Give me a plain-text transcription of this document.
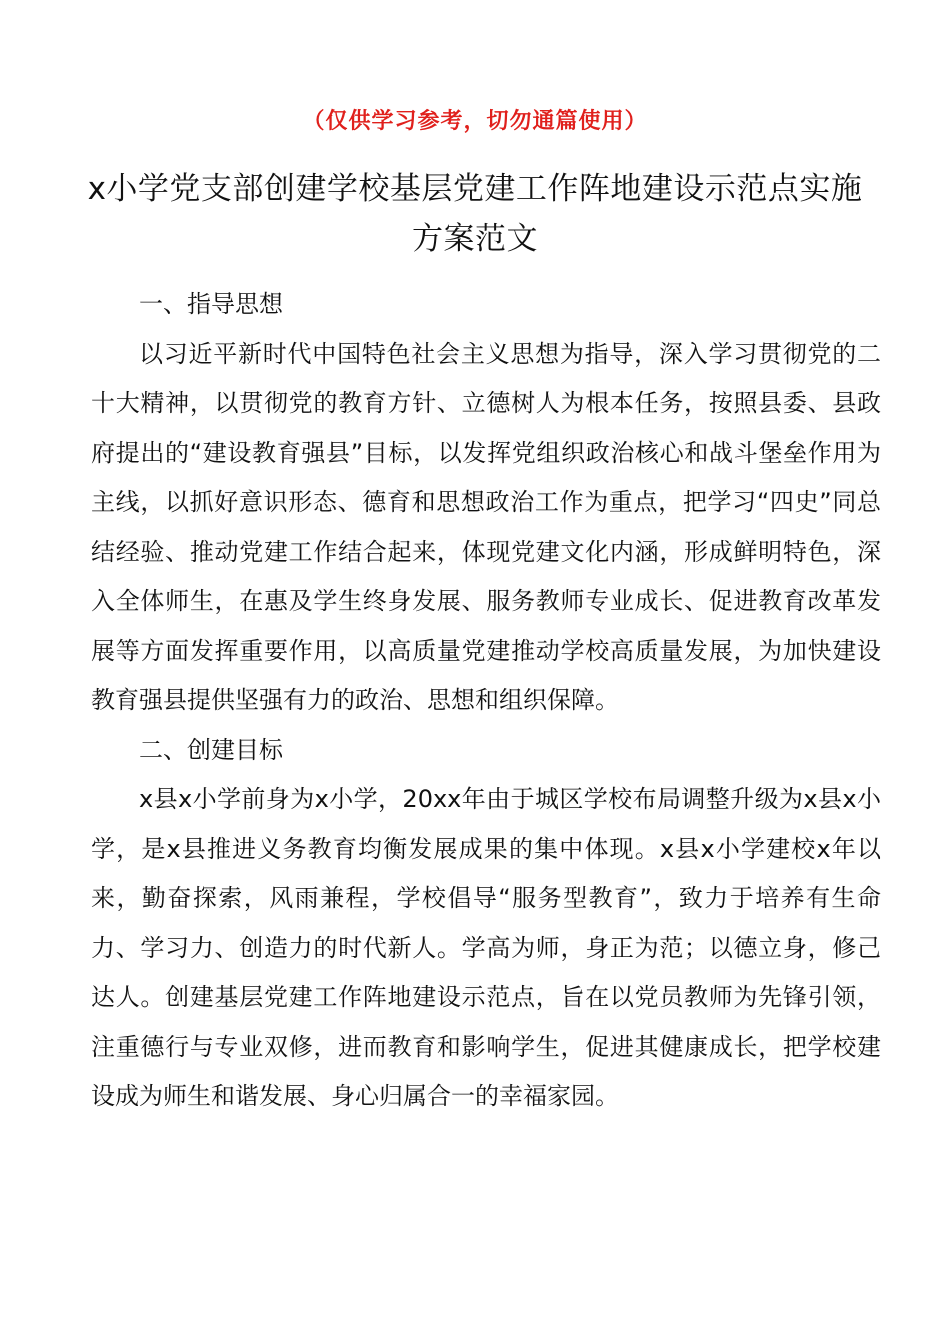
（仅供学习参考，切勿通篇使用）
x小学党支部创建学校基层党建工作阵地建设示范点实施方案范文

一、指导思想

以习近平新时代中国特色社会主义思想为指导，深入学习贯彻党的二十大精神，以贯彻党的教育方针、立德树人为根本任务，按照县委、县政府提出的“建设教育强县”目标，以发挥党组织政治核心和战斗堡垒作用为主线，以抓好意识形态、德育和思想政治工作为重点，把学习“四史”同总结经验、推动党建工作结合起来，体现党建文化内涵，形成鲜明特色，深入全体师生，在惠及学生终身发展、服务教师专业成长、促进教育改革发展等方面发挥重要作用，以高质量党建推动学校高质量发展，为加快建设教育强县提供坚强有力的政治、思想和组织保障。

二、创建目标

x县x小学前身为x小学，20xx年由于城区学校布局调整升级为x县x小学，是x县推进义务教育均衡发展成果的集中体现。x县x小学建校x年以来，勤奋探索，风雨兼程，学校倡导“服务型教育”，致力于培养有生命力、学习力、创造力的时代新人。学高为师，身正为范；以德立身，修己达人。创建基层党建工作阵地建设示范点，旨在以党员教师为先锋引领，注重德行与专业双修，进而教育和影响学生，促进其健康成长，把学校建设成为师生和谐发展、身心归属合一的幸福家园。
